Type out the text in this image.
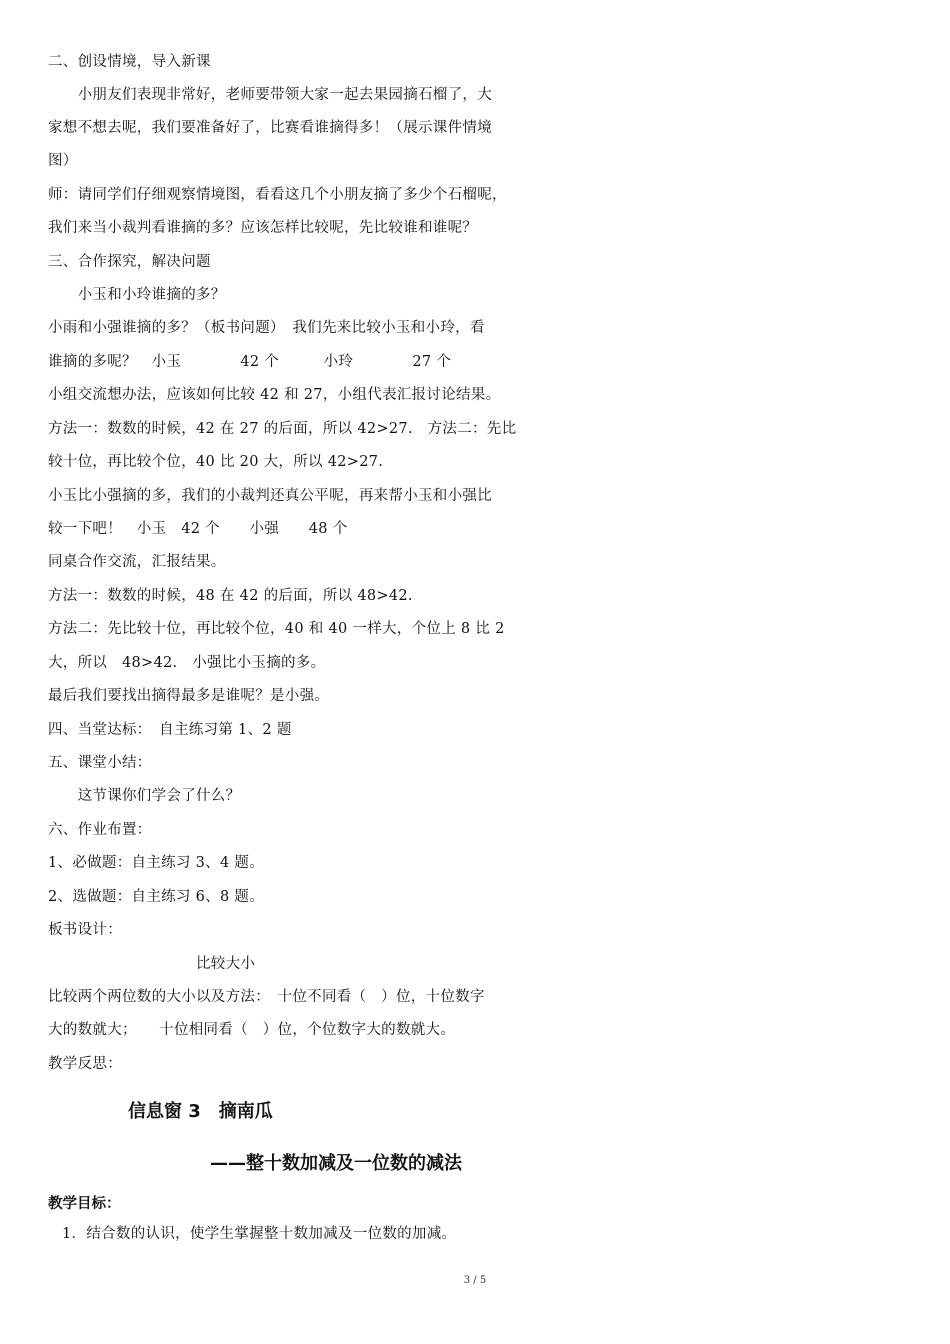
二、创设情境，导入新课
　　小朋友们表现非常好，老师要带领大家一起去果园摘石榴了，大
家想不想去呢，我们要准备好了，比赛看谁摘得多！（展示课件情境
图）
师：请同学们仔细观察情境图，看看这几个小朋友摘了多少个石榴呢，
我们来当小裁判看谁摘的多？应该怎样比较呢，先比较谁和谁呢？
三、合作探究，解决问题
　　小玉和小玲谁摘的多？
小雨和小强谁摘的多？（板书问题）　我们先来比较小玉和小玲，看
谁摘的多呢？　小玉　　　　42 个　　　小玲　　　　27 个
小组交流想办法，应该如何比较 42 和 27，小组代表汇报讨论结果。
方法一：数数的时候，42 在 27 的后面，所以 42>27.　方法二：先比
较十位，再比较个位，40 比 20 大，所以 42>27.
小玉比小强摘的多，我们的小裁判还真公平呢，再来帮小玉和小强比
较一下吧！　小玉　42 个　　小强　　48 个
同桌合作交流，汇报结果。
方法一：数数的时候，48 在 42 的后面，所以 48>42.
方法二：先比较十位，再比较个位，40 和 40 一样大，个位上 8 比 2
大，所以　48>42.　小强比小玉摘的多。
最后我们要找出摘得最多是谁呢？是小强。
四、当堂达标：　自主练习第 1、2 题
五、课堂小结：
　　这节课你们学会了什么？
六、作业布置：
1、必做题：自主练习 3、4 题。
2、选做题：自主练习 6、8 题。
板书设计：
　　　　　　　　　　比较大小
比较两个两位数的大小以及方法：　十位不同看（　）位，十位数字
大的数就大；　　十位相同看（　）位，个位数字大的数就大。
教学反思：
信息窗 3　摘南瓜
——整十数加减及一位数的减法
教学目标：
1．结合数的认识，使学生掌握整十数加减及一位数的加减。
3 / 5
